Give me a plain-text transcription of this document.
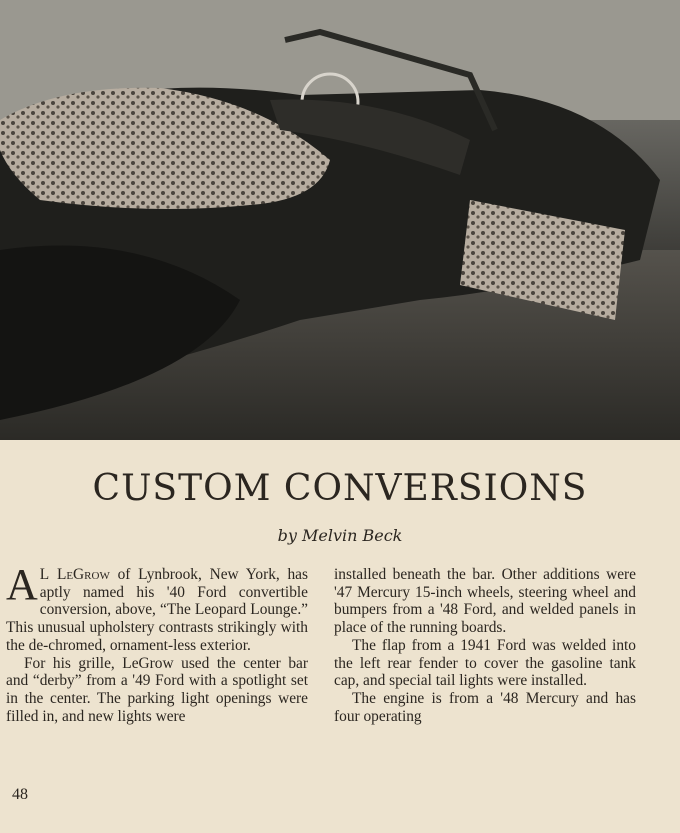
CUSTOM CONVERSIONS
by Melvin Beck

A L LeGrow of Lynbrook, New York, has aptly named his '40 Ford convertible conversion, above, “The Leopard Lounge.” This unusual upholstery contrasts strikingly with the de-chromed, ornament-less exterior.

For his grille, LeGrow used the center bar and “derby” from a '49 Ford with a spotlight set in the center. The parking light openings were filled in, and new lights were

installed beneath the bar. Other additions were '47 Mercury 15-inch wheels, steering wheel and bumpers from a '48 Ford, and welded panels in place of the running boards.

The flap from a 1941 Ford was welded into the left rear fender to cover the gasoline tank cap, and special tail lights were installed.

The engine is from a '48 Mercury and has four operating

48
